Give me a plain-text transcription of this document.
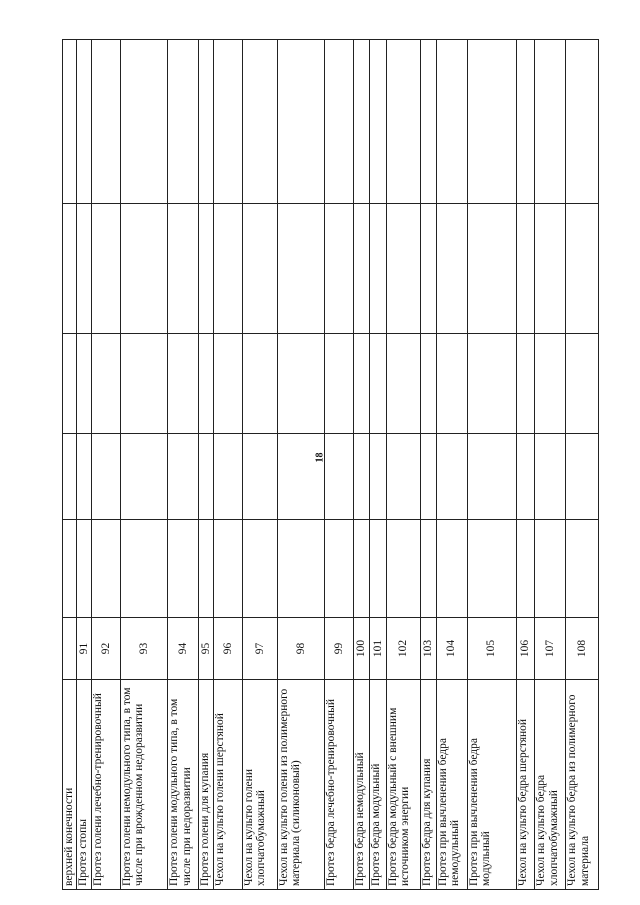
18
верхней конечности						
Протез стопы	91					
Протез голени лечебно-тренировочный	92					
Протез голени немодульного типа, в том числе при врожденном недоразвитии	93					
Протез голени модульного типа, в том числе при недоразвитии	94					
Протез голени для купания	95					
Чехол на культю голени шерстяной	96					
Чехол на культю голени хлопчатобумажный	97					
Чехол на культю голени из полимерного материала (силиконовый)	98					
Протез бедра лечебно-тренировочный	99					
Протез бедра немодульный	100					
Протез бедра модульный	101					
Протез бедра модульный с внешним источником энергии	102					
Протез бедра для купания	103					
Протез при вычленении бедра немодульный	104					
Протез при вычленении бедра модульный	105					
Чехол на культю бедра шерстяной	106					
Чехол на культю бедра хлопчатобумажный	107					
Чехол на культю бедра из полимерного материала	108					
